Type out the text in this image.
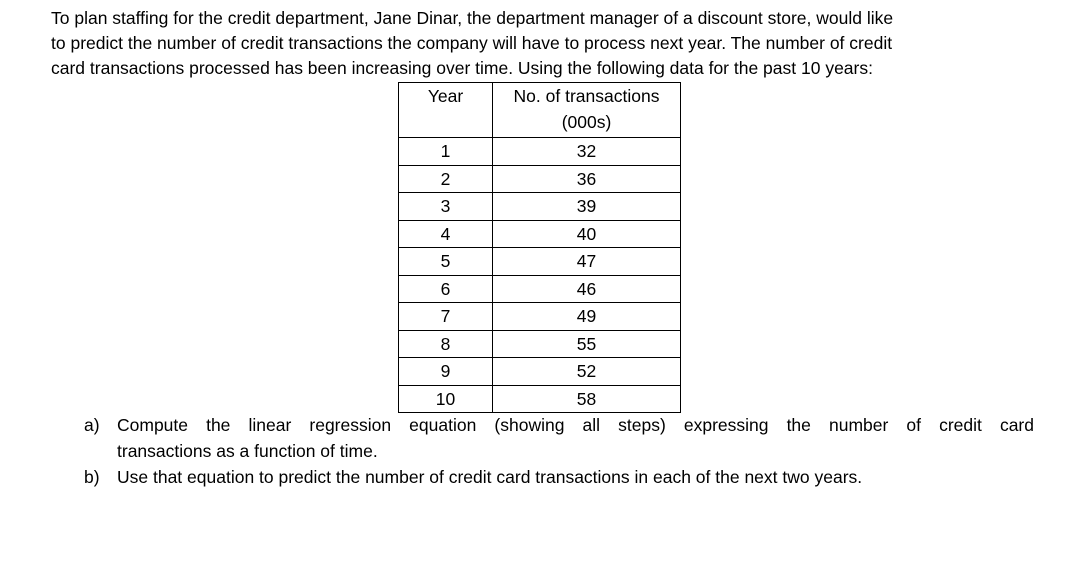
To plan staffing for the credit department, Jane Dinar, the department manager of a discount store, would like
to predict the number of credit transactions the company will have to process next year. The number of credit
card transactions processed has been increasing over time. Using the following data for the past 10 years:
Year	No. of transactions
(000s)
1	32
2	36
3	39
4	40
5	47
6	46
7	49
8	55
9	52
10	58
a) Compute the linear regression equation (showing all steps) expressing the number of credit card
transactions as a function of time.
b) Use that equation to predict the number of credit card transactions in each of the next two years.
